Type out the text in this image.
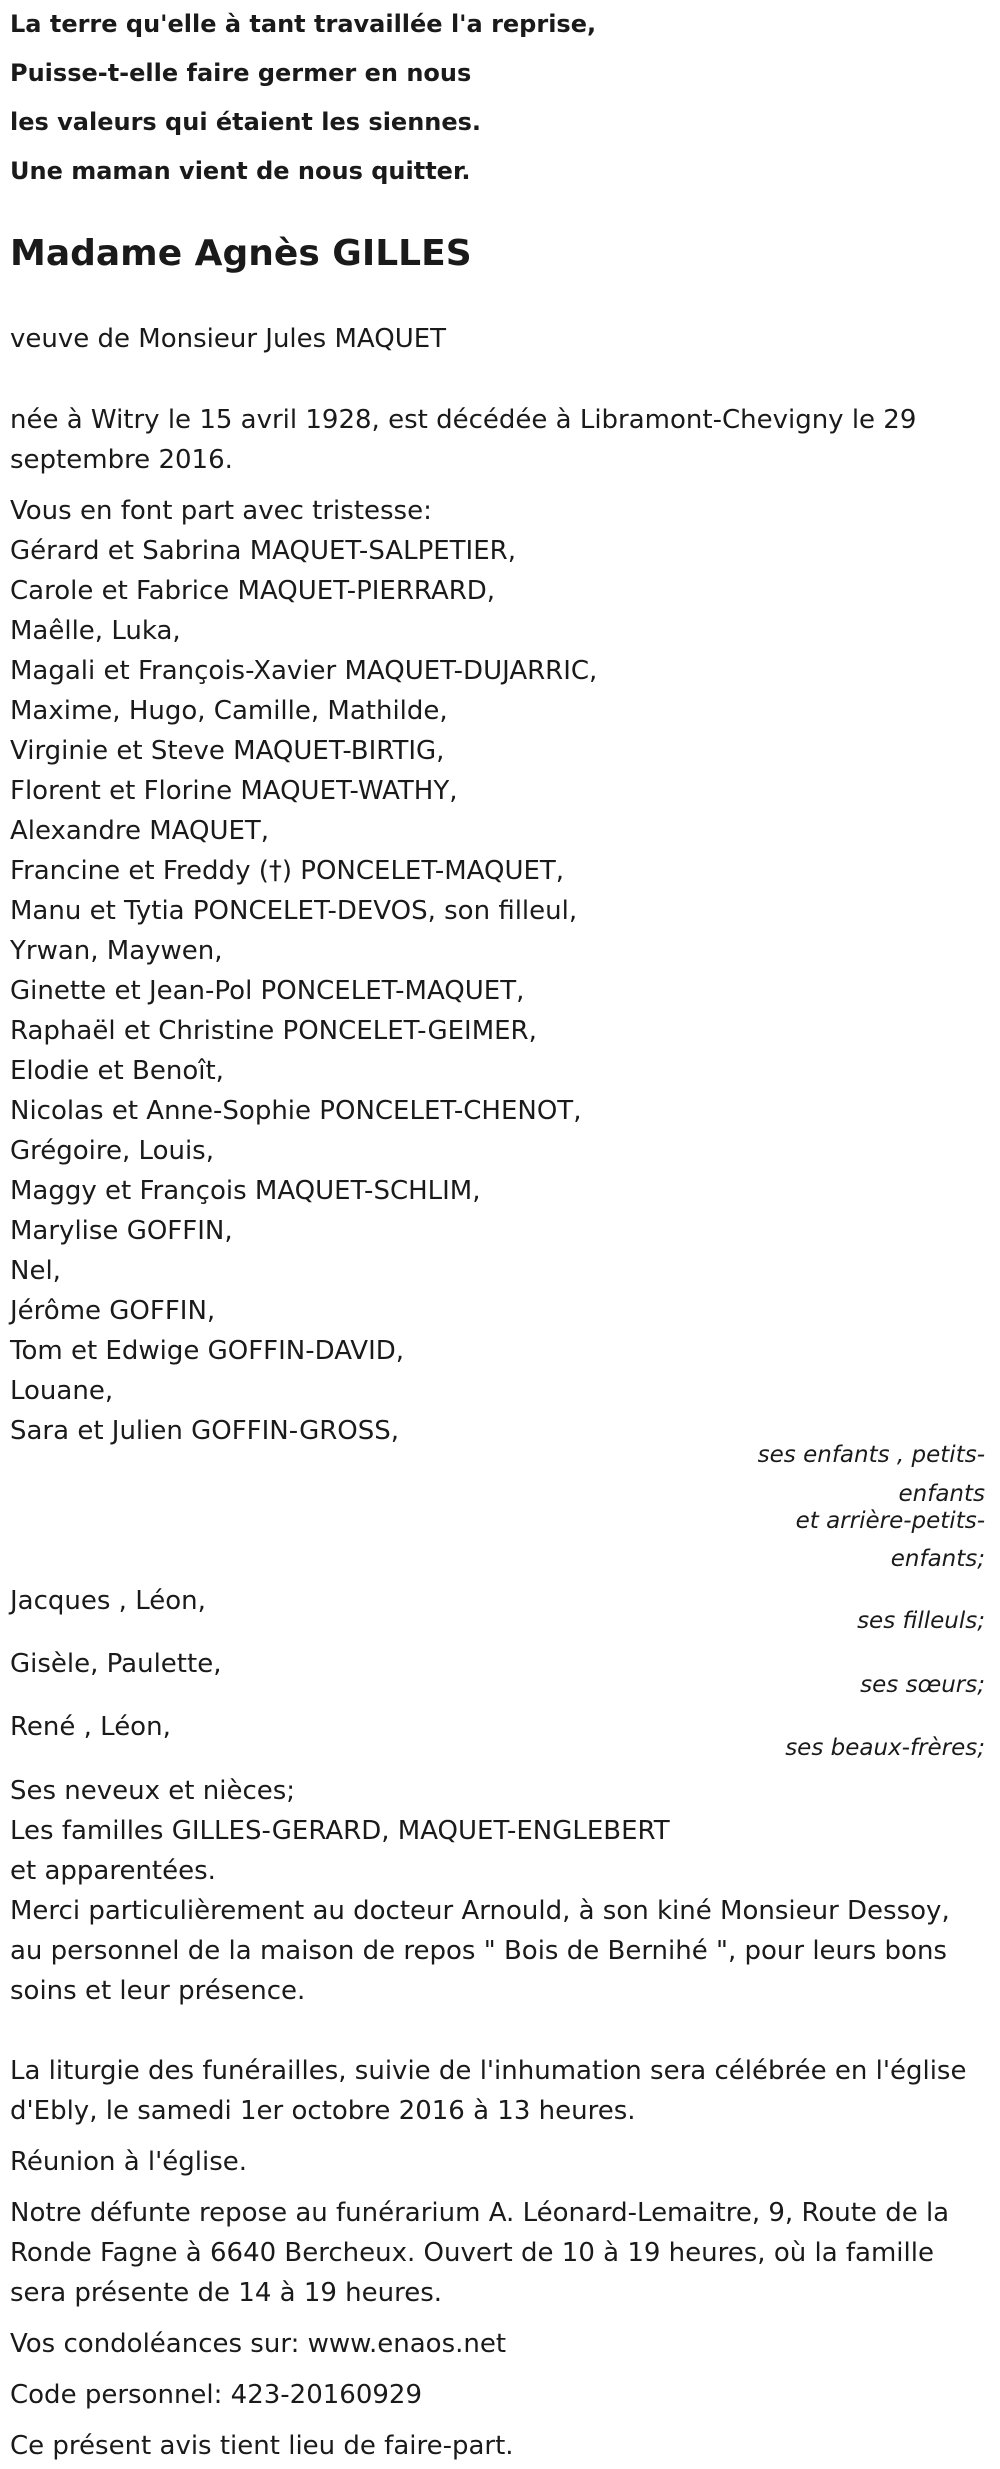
La terre qu'elle à tant travaillée l'a reprise,
Puisse-t-elle faire germer en nous
les valeurs qui étaient les siennes.
Une maman vient de nous quitter.
Madame Agnès GILLES
veuve de Monsieur Jules MAQUET
née à Witry le 15 avril 1928, est décédée à Libramont-Chevigny le 29
septembre 2016.
Vous en font part avec tristesse:
Gérard et Sabrina MAQUET-SALPETIER,
Carole et Fabrice MAQUET-PIERRARD,
Maêlle, Luka,
Magali et François-Xavier MAQUET-DUJARRIC,
Maxime, Hugo, Camille, Mathilde,
Virginie et Steve MAQUET-BIRTIG,
Florent et Florine MAQUET-WATHY,
Alexandre MAQUET,
Francine et Freddy (†) PONCELET-MAQUET,
Manu et Tytia PONCELET-DEVOS, son filleul,
Yrwan, Maywen,
Ginette et Jean-Pol PONCELET-MAQUET,
Raphaël et Christine PONCELET-GEIMER,
Elodie et Benoît,
Nicolas et Anne-Sophie PONCELET-CHENOT,
Grégoire, Louis,
Maggy et François MAQUET-SCHLIM,
Marylise GOFFIN,
Nel,
Jérôme GOFFIN,
Tom et Edwige GOFFIN-DAVID,
Louane,
Sara et Julien GOFFIN-GROSS,
ses enfants , petits-
enfants
et arrière-petits-
enfants;
Jacques , Léon,
ses filleuls;
Gisèle, Paulette,
ses sœurs;
René , Léon,
ses beaux-frères;
Ses neveux et nièces;
Les familles GILLES-GERARD, MAQUET-ENGLEBERT
et apparentées.
Merci particulièrement au docteur Arnould, à son kiné Monsieur Dessoy,
au personnel de la maison de repos " Bois de Bernihé ", pour leurs bons
soins et leur présence.
La liturgie des funérailles, suivie de l'inhumation sera célébrée en l'église
d'Ebly, le samedi 1er octobre 2016 à 13 heures.
Réunion à l'église.
Notre défunte repose au funérarium A. Léonard-Lemaitre, 9, Route de la
Ronde Fagne à 6640 Bercheux. Ouvert de 10 à 19 heures, où la famille
sera présente de 14 à 19 heures.
Vos condoléances sur: www.enaos.net
Code personnel: 423-20160929
Ce présent avis tient lieu de faire-part.
